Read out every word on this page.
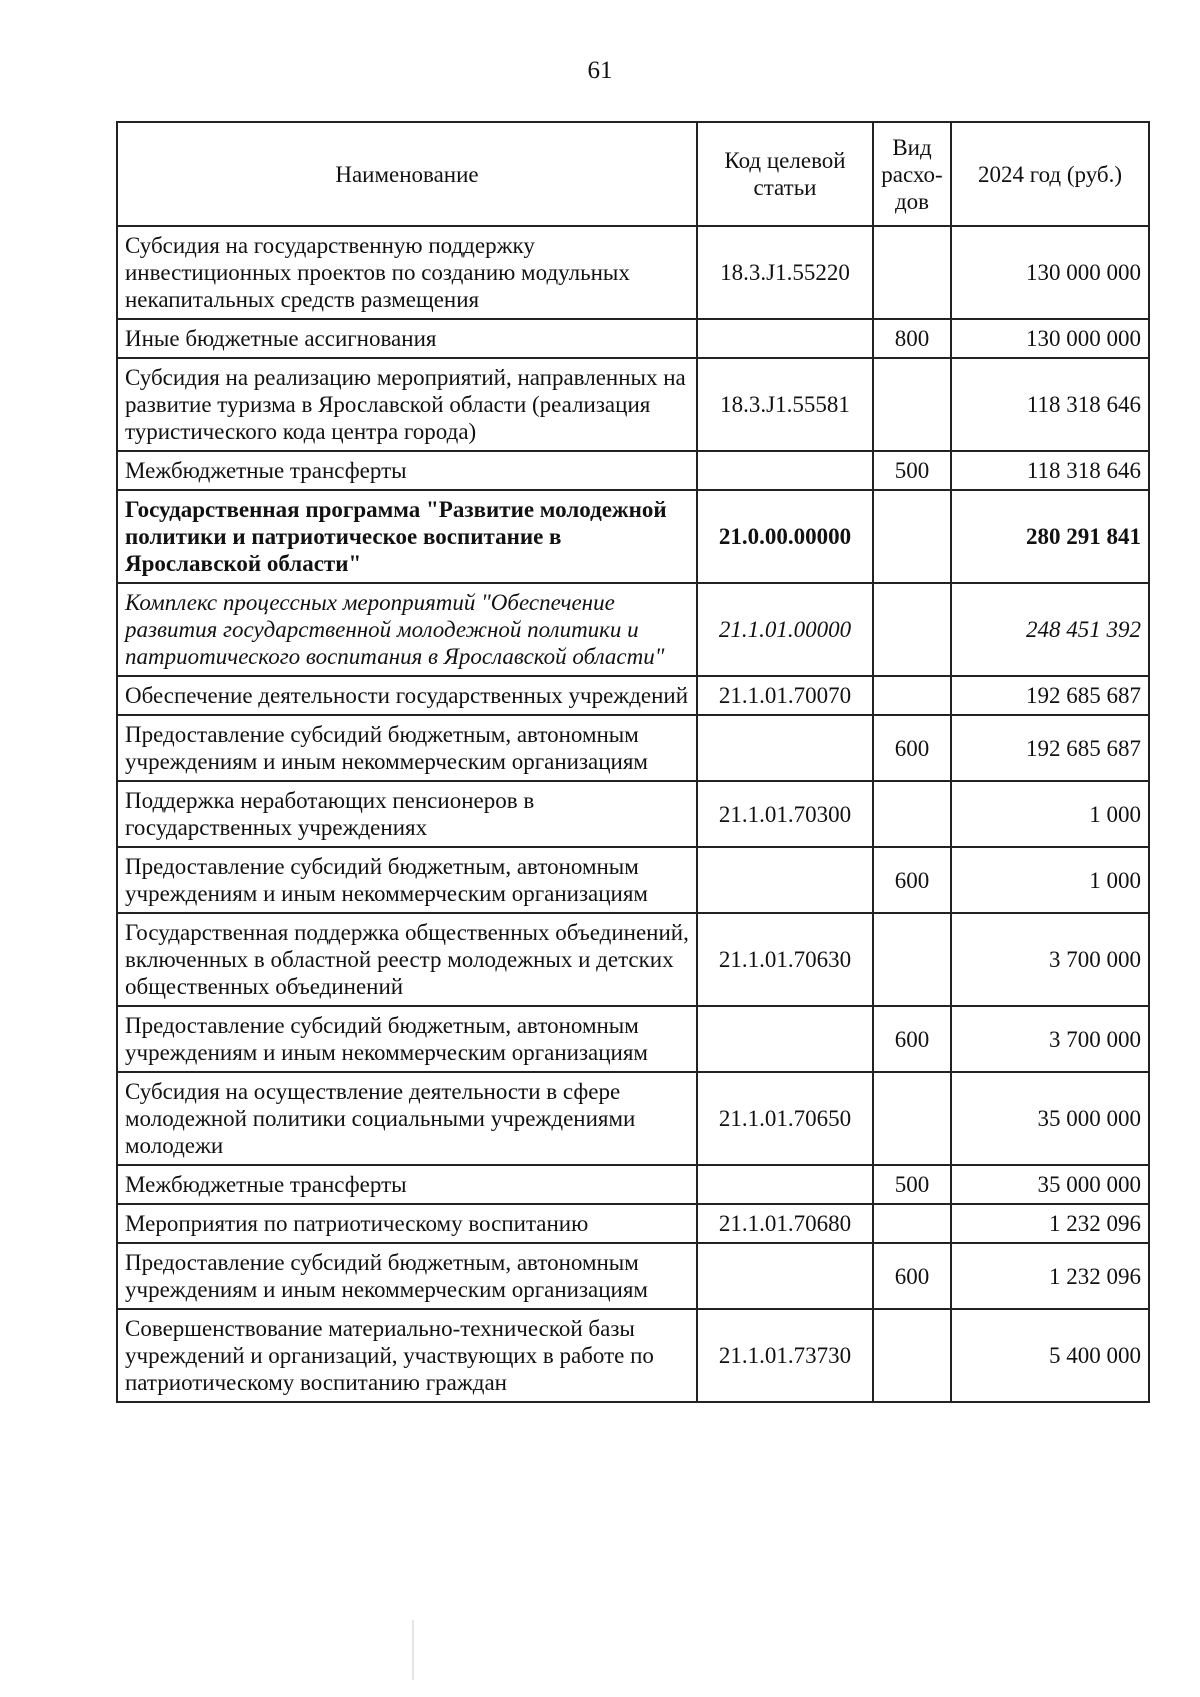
61
Наименование	Код целевой статьи	Вид расхо-дов	2024 год (руб.)
Субсидия на государственную поддержку инвестиционных проектов по созданию модульных некапитальных средств размещения	18.3.J1.55220		130 000 000
Иные бюджетные ассигнования		800	130 000 000
Субсидия на реализацию мероприятий, направленных на развитие туризма в Ярославской области (реализация туристического кода центра города)	18.3.J1.55581		118 318 646
Межбюджетные трансферты		500	118 318 646
Государственная программа "Развитие молодежной политики и патриотическое воспитание в Ярославской области"	21.0.00.00000		280 291 841
Комплекс процессных мероприятий "Обеспечение развития государственной молодежной политики и патриотического воспитания в Ярославской области"	21.1.01.00000		248 451 392
Обеспечение деятельности государственных учреждений	21.1.01.70070		192 685 687
Предоставление субсидий бюджетным, автономным учреждениям и иным некоммерческим организациям		600	192 685 687
Поддержка неработающих пенсионеров в государственных учреждениях	21.1.01.70300		1 000
Предоставление субсидий бюджетным, автономным учреждениям и иным некоммерческим организациям		600	1 000
Государственная поддержка общественных объединений, включенных в областной реестр молодежных и детских общественных объединений	21.1.01.70630		3 700 000
Предоставление субсидий бюджетным, автономным учреждениям и иным некоммерческим организациям		600	3 700 000
Субсидия на осуществление деятельности в сфере молодежной политики социальными учреждениями молодежи	21.1.01.70650		35 000 000
Межбюджетные трансферты		500	35 000 000
Мероприятия по патриотическому воспитанию	21.1.01.70680		1 232 096
Предоставление субсидий бюджетным, автономным учреждениям и иным некоммерческим организациям		600	1 232 096
Совершенствование материально-технической базы учреждений и организаций, участвующих в работе по патриотическому воспитанию граждан	21.1.01.73730		5 400 000
